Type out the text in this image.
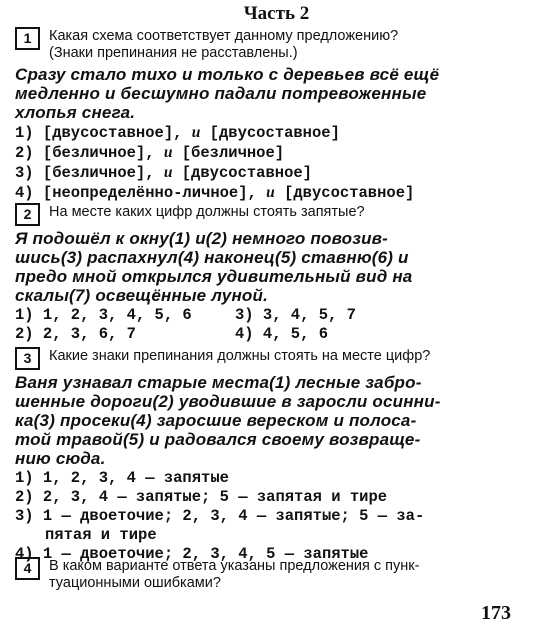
Часть 2
1	Какая схема соответствует данному предложению?
(Знаки препинания не расставлены.)
Сразу стало тихо и только с деревьев всё ещё
медленно и бесшумно падали потревоженные
хлопья снега.
1) [двусоставное], и [двусоставное]
2) [безличное], и [безличное]
3) [безличное], и [двусоставное]
4) [неопределённо-личное], и [двусоставное]
2	На месте каких цифр должны стоять запятые?
Я подошёл к окну(1) и(2) немного повозив-
шись(3) распахнул(4) наконец(5) ставню(6) и
предо мной открылся удивительный вид на
скалы(7) освещённые луной.
1) 1, 2, 3, 4, 5, 6	3) 3, 4, 5, 7
2) 2, 3, 6, 7	4) 4, 5, 6
3	Какие знаки препинания должны стоять на месте цифр?
Ваня узнавал старые места(1) лесные забро-
шенные дороги(2) уводившие в заросли осинни-
ка(3) просеки(4) заросшие вереском и полоса-
той травой(5) и радовался своему возвраще-
нию сюда.
1) 1, 2, 3, 4 — запятые
2) 2, 3, 4 — запятые; 5 — запятая и тире
3) 1 — двоеточие; 2, 3, 4 — запятые; 5 — за-
пятая и тире
4) 1 — двоеточие; 2, 3, 4, 5 — запятые
4	В каком варианте ответа указаны предложения с пунк-
туационными ошибками?
173
